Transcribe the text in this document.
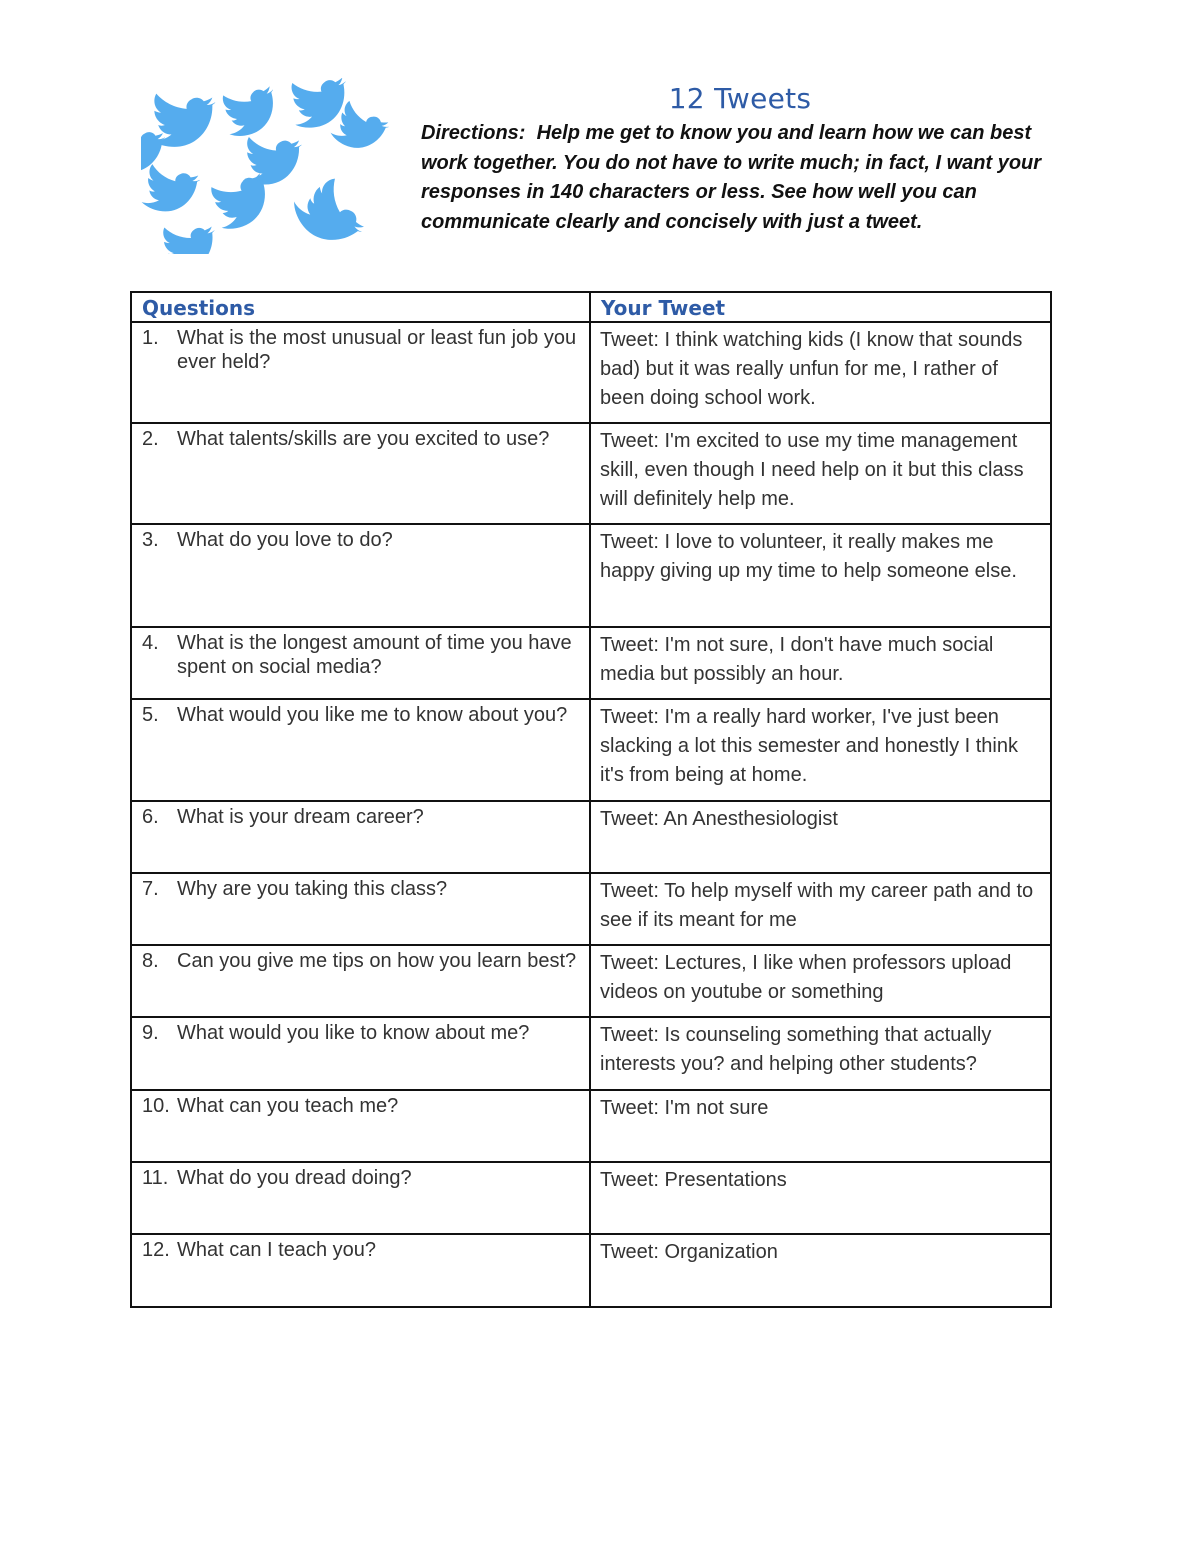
12 Tweets
Directions: Help me get to know you and learn how we can best work together. You do not have to write much; in fact, I want your responses in 140 characters or less. See how well you can communicate clearly and concisely with just a tweet.
Questions	Your Tweet

1. What is the most unusual or least fun job you ever held?	Tweet: I think watching kids (I know that sounds bad) but it was really unfun for me, I rather of been doing school work.

2. What talents/skills are you excited to use?	Tweet: I'm excited to use my time management skill, even though I need help on it but this class will definitely help me.

3. What do you love to do?	Tweet: I love to volunteer, it really makes me happy giving up my time to help someone else.

4. What is the longest amount of time you have spent on social media?	Tweet: I'm not sure, I don't have much social media but possibly an hour.

5. What would you like me to know about you?	Tweet: I'm a really hard worker, I've just been slacking a lot this semester and honestly I think it's from being at home.

6. What is your dream career?	Tweet: An Anesthesiologist

7. Why are you taking this class?	Tweet: To help myself with my career path and to see if its meant for me

8. Can you give me tips on how you learn best?	Tweet: Lectures, I like when professors upload videos on youtube or something

9. What would you like to know about me?	Tweet: Is counseling something that actually interests you? and helping other students?

10. What can you teach me?	Tweet: I'm not sure

11. What do you dread doing?	Tweet: Presentations

12. What can I teach you?	Tweet: Organization
